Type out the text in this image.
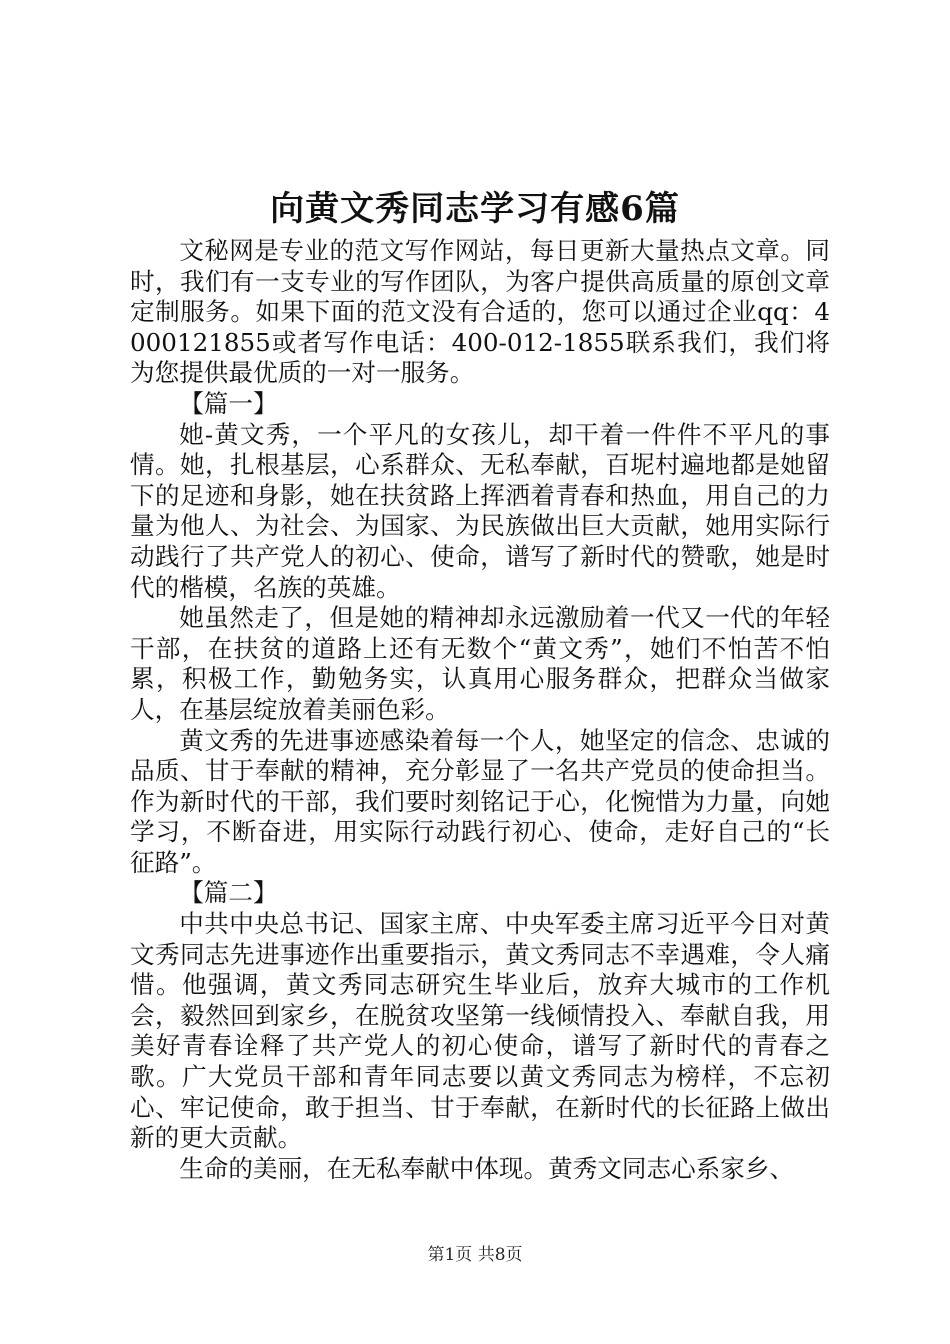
向黄文秀同志学习有感6篇

文秘网是专业的范文写作网站，每日更新大量热点文章。同时，我们有一支专业的写作团队，为客户提供高质量的原创文章定制服务。如果下面的范文没有合适的，您可以通过企业qq：4000121855或者写作电话：400-012-1855联系我们，我们将为您提供最优质的一对一服务。

【篇一】

她-黄文秀，一个平凡的女孩儿，却干着一件件不平凡的事情。她，扎根基层，心系群众、无私奉献，百坭村遍地都是她留下的足迹和身影，她在扶贫路上挥洒着青春和热血，用自己的力量为他人、为社会、为国家、为民族做出巨大贡献，她用实际行动践行了共产党人的初心、使命，谱写了新时代的赞歌，她是时代的楷模，名族的英雄。

她虽然走了，但是她的精神却永远激励着一代又一代的年轻干部，在扶贫的道路上还有无数个“黄文秀”，她们不怕苦不怕累，积极工作，勤勉务实，认真用心服务群众，把群众当做家人，在基层绽放着美丽色彩。

黄文秀的先进事迹感染着每一个人，她坚定的信念、忠诚的品质、甘于奉献的精神，充分彰显了一名共产党员的使命担当。作为新时代的干部，我们要时刻铭记于心，化惋惜为力量，向她学习，不断奋进，用实际行动践行初心、使命，走好自己的“长征路”。

【篇二】

中共中央总书记、国家主席、中央军委主席习近平今日对黄文秀同志先进事迹作出重要指示，黄文秀同志不幸遇难，令人痛惜。他强调，黄文秀同志研究生毕业后，放弃大城市的工作机会，毅然回到家乡，在脱贫攻坚第一线倾情投入、奉献自我，用美好青春诠释了共产党人的初心使命，谱写了新时代的青春之歌。广大党员干部和青年同志要以黄文秀同志为榜样，不忘初心、牢记使命，敢于担当、甘于奉献，在新时代的长征路上做出新的更大贡献。

生命的美丽，在无私奉献中体现。黄秀文同志心系家乡、

第1页 共8页
